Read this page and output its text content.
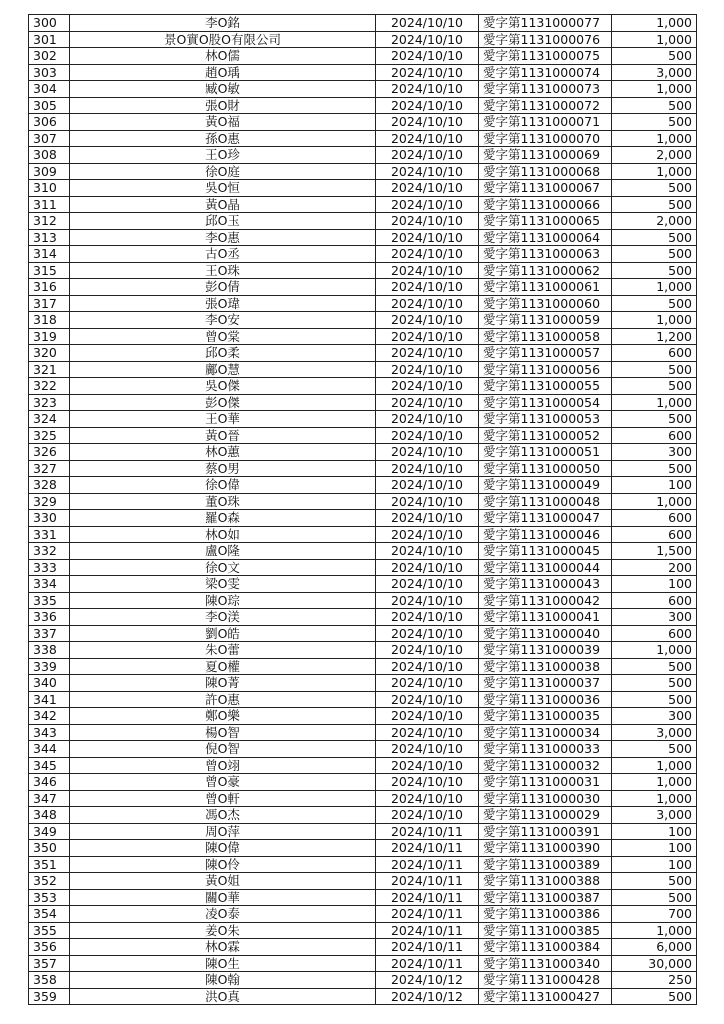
300	李O銘	2024/10/10	愛字第1131000077	1,000
301	景O實O股O有限公司	2024/10/10	愛字第1131000076	1,000
302	林O儒	2024/10/10	愛字第1131000075	500
303	趙O瑀	2024/10/10	愛字第1131000074	3,000
304	臧O敏	2024/10/10	愛字第1131000073	1,000
305	張O財	2024/10/10	愛字第1131000072	500
306	黃O福	2024/10/10	愛字第1131000071	500
307	孫O惠	2024/10/10	愛字第1131000070	1,000
308	王O珍	2024/10/10	愛字第1131000069	2,000
309	徐O庭	2024/10/10	愛字第1131000068	1,000
310	吳O恒	2024/10/10	愛字第1131000067	500
311	黃O晶	2024/10/10	愛字第1131000066	500
312	邱O玉	2024/10/10	愛字第1131000065	2,000
313	李O惠	2024/10/10	愛字第1131000064	500
314	古O丞	2024/10/10	愛字第1131000063	500
315	王O珠	2024/10/10	愛字第1131000062	500
316	彭O倩	2024/10/10	愛字第1131000061	1,000
317	張O瑋	2024/10/10	愛字第1131000060	500
318	李O安	2024/10/10	愛字第1131000059	1,000
319	曾O棠	2024/10/10	愛字第1131000058	1,200
320	邱O柔	2024/10/10	愛字第1131000057	600
321	鄺O慧	2024/10/10	愛字第1131000056	500
322	吳O傑	2024/10/10	愛字第1131000055	500
323	彭O傑	2024/10/10	愛字第1131000054	1,000
324	王O華	2024/10/10	愛字第1131000053	500
325	黃O晉	2024/10/10	愛字第1131000052	600
326	林O蕙	2024/10/10	愛字第1131000051	300
327	蔡O男	2024/10/10	愛字第1131000050	500
328	徐O偉	2024/10/10	愛字第1131000049	100
329	董O珠	2024/10/10	愛字第1131000048	1,000
330	羅O森	2024/10/10	愛字第1131000047	600
331	林O如	2024/10/10	愛字第1131000046	600
332	盧O隆	2024/10/10	愛字第1131000045	1,500
333	徐O文	2024/10/10	愛字第1131000044	200
334	梁O雯	2024/10/10	愛字第1131000043	100
335	陳O琮	2024/10/10	愛字第1131000042	600
336	李O渼	2024/10/10	愛字第1131000041	300
337	劉O皓	2024/10/10	愛字第1131000040	600
338	朱O蕾	2024/10/10	愛字第1131000039	1,000
339	夏O權	2024/10/10	愛字第1131000038	500
340	陳O菁	2024/10/10	愛字第1131000037	500
341	許O惠	2024/10/10	愛字第1131000036	500
342	鄭O樂	2024/10/10	愛字第1131000035	300
343	楊O智	2024/10/10	愛字第1131000034	3,000
344	倪O智	2024/10/10	愛字第1131000033	500
345	曾O翊	2024/10/10	愛字第1131000032	1,000
346	曾O豪	2024/10/10	愛字第1131000031	1,000
347	曾O軒	2024/10/10	愛字第1131000030	1,000
348	馮O杰	2024/10/10	愛字第1131000029	3,000
349	周O萍	2024/10/11	愛字第1131000391	100
350	陳O偉	2024/10/11	愛字第1131000390	100
351	陳O伶	2024/10/11	愛字第1131000389	100
352	黃O姐	2024/10/11	愛字第1131000388	500
353	關O華	2024/10/11	愛字第1131000387	500
354	凌O泰	2024/10/11	愛字第1131000386	700
355	姜O朱	2024/10/11	愛字第1131000385	1,000
356	林O霖	2024/10/11	愛字第1131000384	6,000
357	陳O生	2024/10/11	愛字第1131000340	30,000
358	陳O翰	2024/10/12	愛字第1131000428	250
359	洪O真	2024/10/12	愛字第1131000427	500
